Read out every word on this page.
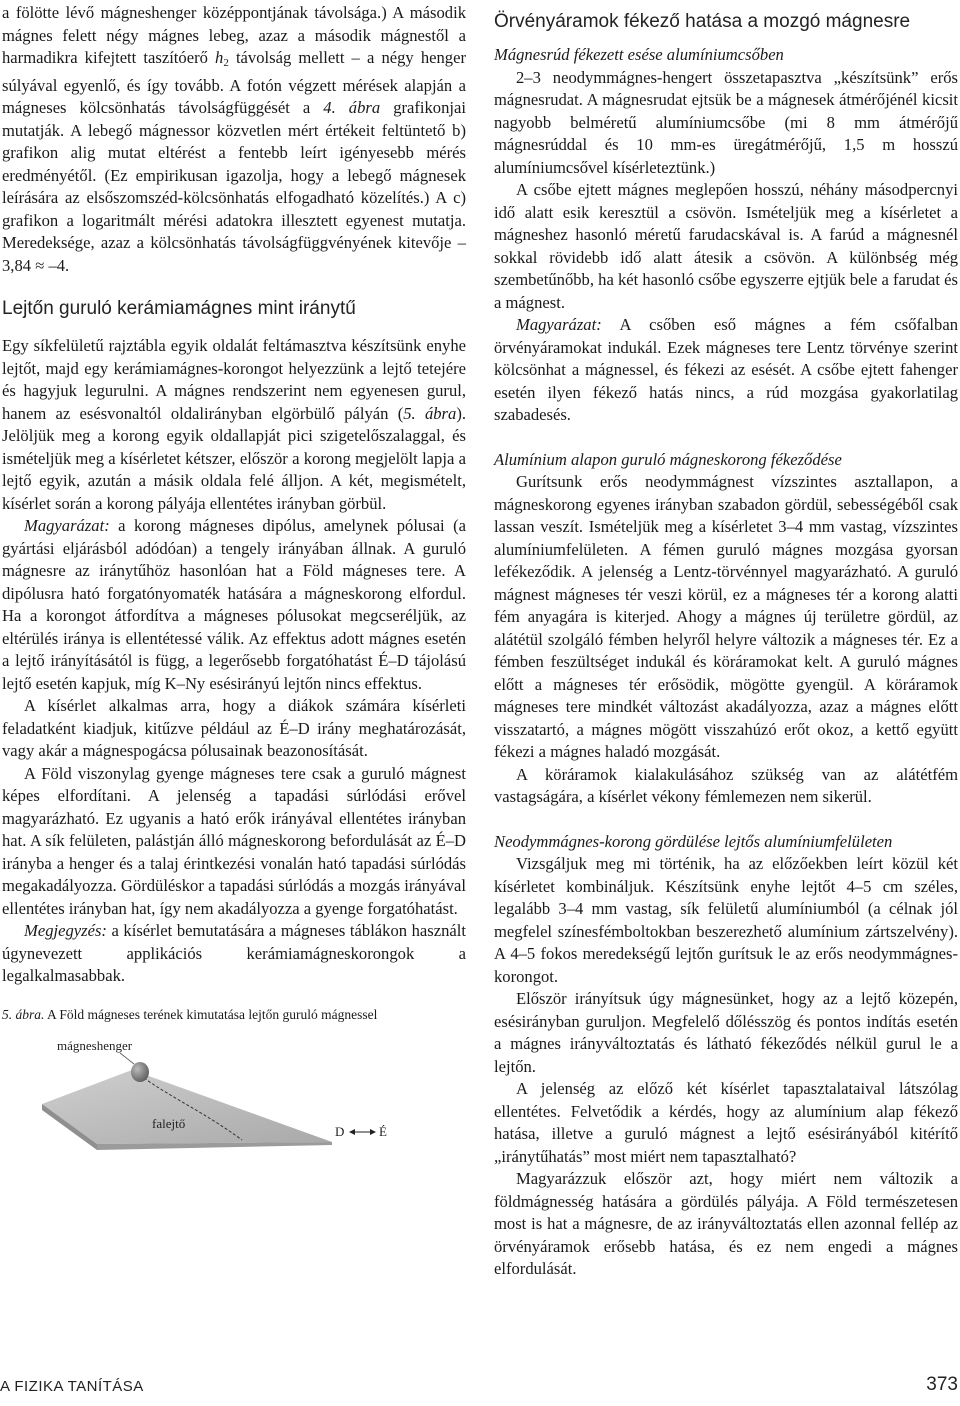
a fölötte lévő mágneshenger középpontjának távolsága.) A második mágnes felett négy mágnes lebeg, azaz a második mágnestől a harmadikra kifejtett taszítóerő $h_2$ távolság mellett – a négy henger súlyával egyenlő, és így tovább. A fotón végzett mérések alapján a mágneses kölcsönhatás távolságfüggését a 4. ábra grafikonjai mutatják. A lebegő mágnessor közvetlen mért értékeit feltüntető b) grafikon alig mutat eltérést a fentebb leírt igényesebb mérés eredményétől. (Ez empirikusan igazolja, hogy a lebegő mágnesek leírására az elsőszomszéd-kölcsönhatás elfogadható közelítés.) A c) grafikon a logaritmált mérési adatokra illesztett egyenest mutatja. Meredeksége, azaz a kölcsönhatás távolságfüggvényének kitevője –3,84 ≈ –4.

Lejtőn guruló kerámiamágnes mint iránytű

Egy síkfelületű rajztábla egyik oldalát feltámasztva készítsünk enyhe lejtőt, majd egy kerámiamágnes-korongot helyezzünk a lejtő tetejére és hagyjuk legurulni. A mágnes rendszerint nem egyenesen gurul, hanem az esésvonaltól oldalirányban elgörbülő pályán (5. ábra). Jelöljük meg a korong egyik oldallapját pici szigetelőszalaggal, és ismételjük meg a kísérletet kétszer, először a korong megjelölt lapja a lejtő egyik, azután a másik oldala felé álljon. A két, megismételt, kísérlet során a korong pályája ellentétes irányban görbül.

Magyarázat: a korong mágneses dipólus, amelynek pólusai (a gyártási eljárásból adódóan) a tengely irányában állnak. A guruló mágnesre az iránytűhöz hasonlóan hat a Föld mágneses tere. A dipólusra ható forgatónyomaték hatására a mágneskorong elfordul. Ha a korongot átfordítva a mágneses pólusokat megcseréljük, az eltérülés iránya is ellentétessé válik. Az effektus adott mágnes esetén a lejtő irányításától is függ, a legerősebb forgatóhatást É–D tájolású lejtő esetén kapjuk, míg K–Ny esésirányú lejtőn nincs effektus.

A kísérlet alkalmas arra, hogy a diákok számára kísérleti feladatként kiadjuk, kitűzve például az É–D irány meghatározását, vagy akár a mágnespogácsa pólusainak beazonosítását.

A Föld viszonylag gyenge mágneses tere csak a guruló mágnest képes elfordítani. A jelenség a tapadási súrlódási erővel magyarázható. Ez ugyanis a ható erők irányával ellentétes irányban hat. A sík felületen, palástján álló mágneskorong befordulását az É–D irányba a henger és a talaj érintkezési vonalán ható tapadási súrlódás megakadályozza. Gördüléskor a tapadási súrlódás a mozgás irányával ellentétes irányban hat, így nem akadályozza a gyenge forgatóhatást.

Megjegyzés: a kísérlet bemutatására a mágneses táblákon használt úgynevezett applikációs kerámiamágneskorongok a legalkalmasabbak.

5. ábra. A Föld mágneses terének kimutatása lejtőn guruló mágnessel
mágneshenger
falejtő
D	É
Örvényáramok fékező hatása a mozgó mágnesre

Mágnesrúd fékezett esése alumíniumcsőben

2–3 neodymmágnes-hengert összetapasztva „készítsünk” erős mágnesrudat. A mágnesrudat ejtsük be a mágnesek átmérőjénél kicsit nagyobb belméretű alumíniumcsőbe (mi 8 mm átmérőjű mágnesrúddal és 10 mm-es üregátmérőjű, 1,5 m hosszú alumíniumcsővel kísérleteztünk.)

A csőbe ejtett mágnes meglepően hosszú, néhány másodpercnyi idő alatt esik keresztül a csövön. Ismételjük meg a kísérletet a mágneshez hasonló méretű farudacskával is. A farúd a mágnesnél sokkal rövidebb idő alatt átesik a csövön. A különbség még szembetűnőbb, ha két hasonló csőbe egyszerre ejtjük bele a farudat és a mágnest.

Magyarázat: A csőben eső mágnes a fém csőfalban örvényáramokat indukál. Ezek mágneses tere Lentz törvénye szerint kölcsönhat a mágnessel, és fékezi az esését. A csőbe ejtett fahenger esetén ilyen fékező hatás nincs, a rúd mozgása gyakorlatilag szabadesés.

Alumínium alapon guruló mágneskorong fékeződése

Gurítsunk erős neodymmágnest vízszintes asztallapon, a mágneskorong egyenes irányban szabadon gördül, sebességéből csak lassan veszít. Ismételjük meg a kísérletet 3–4 mm vastag, vízszintes alumíniumfelületen. A fémen guruló mágnes mozgása gyorsan lefékeződik. A jelenség a Lentz-törvénnyel magyarázható. A guruló mágnest mágneses tér veszi körül, ez a mágneses tér a korong alatti fém anyagára is kiterjed. Ahogy a mágnes új területre gördül, az alátétül szolgáló fémben helyről helyre változik a mágneses tér. Ez a fémben feszültséget indukál és köráramokat kelt. A guruló mágnes előtt a mágneses tér erősödik, mögötte gyengül. A köráramok mágneses tere mindkét változást akadályozza, azaz a mágnes előtt visszatartó, a mágnes mögött visszahúzó erőt okoz, a kettő együtt fékezi a mágnes haladó mozgását.

A köráramok kialakulásához szükség van az alátétfém vastagságára, a kísérlet vékony fémlemezen nem sikerül.

Neodymmágnes-korong gördülése lejtős alumíniumfelületen

Vizsgáljuk meg mi történik, ha az előzőekben leírt közül két kísérletet kombináljuk. Készítsünk enyhe lejtőt 4–5 cm széles, legalább 3–4 mm vastag, sík felületű alumíniumból (a célnak jól megfelel színesfémboltokban beszerezhető alumínium zártszelvény). A 4–5 fokos meredekségű lejtőn gurítsuk le az erős neodymmágnes-korongot.

Először irányítsuk úgy mágnesünket, hogy az a lejtő közepén, esésirányban guruljon. Megfelelő dőlésszög és pontos indítás esetén a mágnes irányváltoztatás és látható fékeződés nélkül gurul le a lejtőn.

A jelenség az előző két kísérlet tapasztalataival látszólag ellentétes. Felvetődik a kérdés, hogy az alumínium alap fékező hatása, illetve a guruló mágnest a lejtő esésirányából kitérítő „iránytűhatás” most miért nem tapasztalható?

Magyarázzuk először azt, hogy miért nem változik a földmágnesség hatására a gördülés pályája. A Föld természetesen most is hat a mágnesre, de az irányváltoztatás ellen azonnal fellép az örvényáramok erősebb hatása, és ez nem engedi a mágnes elfordulását.

A FIZIKA TANÍTÁSA	373
